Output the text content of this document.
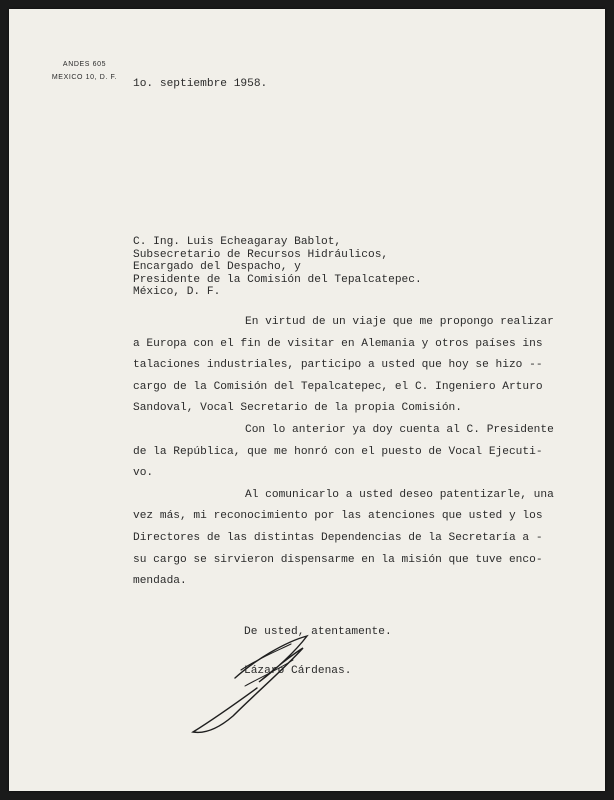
ANDES 605
MEXICO 10, D. F.
1o. septiembre 1958.
C. Ing. Luis Echeagaray Bablot,
Subsecretario de Recursos Hidráulicos,
Encargado del Despacho, y
Presidente de la Comisión del Tepalcatepec.
México, D. F.
En virtud de un viaje que me propongo realizar
a Europa con el fin de visitar en Alemania y otros países ins
talaciones industriales, participo a usted que hoy se hizo --
cargo de la Comisión del Tepalcatepec, el C. Ingeniero Arturo
Sandoval, Vocal Secretario de la propia Comisión.
Con lo anterior ya doy cuenta al C. Presidente
de la República, que me honró con el puesto de Vocal Ejecuti-
vo.
Al comunicarlo a usted deseo patentizarle, una
vez más, mi reconocimiento por las atenciones que usted y los
Directores de las distintas Dependencias de la Secretaría a -
su cargo se sirvieron dispensarme en la misión que tuve enco-
mendada.
De usted, atentamente.
Lázaro Cárdenas.
